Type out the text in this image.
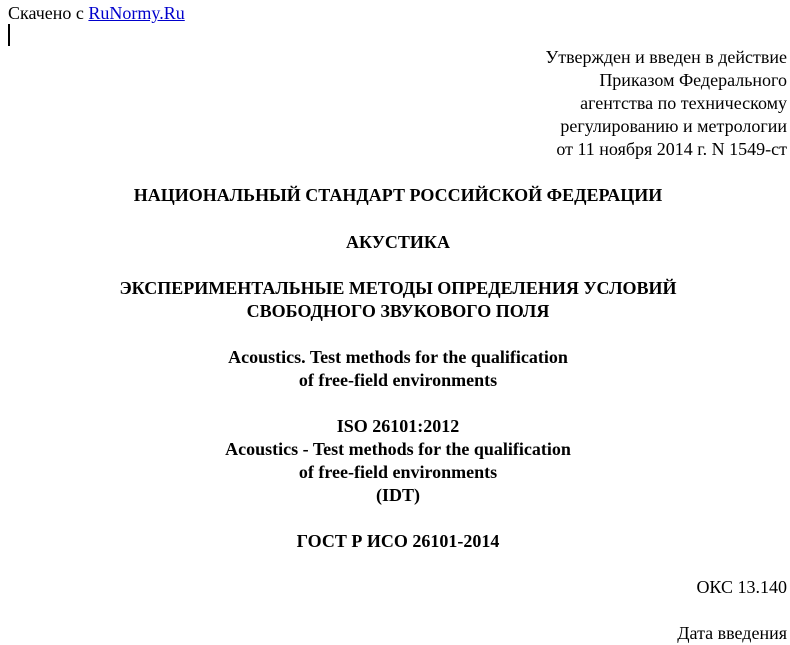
Скачено с RuNormy.Ru
Утвержден и введен в действие
Приказом Федерального
агентства по техническому
регулированию и метрологии
от 11 ноября 2014 г. N 1549-ст
НАЦИОНАЛЬНЫЙ СТАНДАРТ РОССИЙСКОЙ ФЕДЕРАЦИИ
АКУСТИКА
ЭКСПЕРИМЕНТАЛЬНЫЕ МЕТОДЫ ОПРЕДЕЛЕНИЯ УСЛОВИЙ
СВОБОДНОГО ЗВУКОВОГО ПОЛЯ
Acoustics. Test methods for the qualification
of free-field environments
ISO 26101:2012
Acoustics - Test methods for the qualification
of free-field environments
(IDT)
ГОСТ Р ИСО 26101-2014
ОКС 13.140
Дата введения
